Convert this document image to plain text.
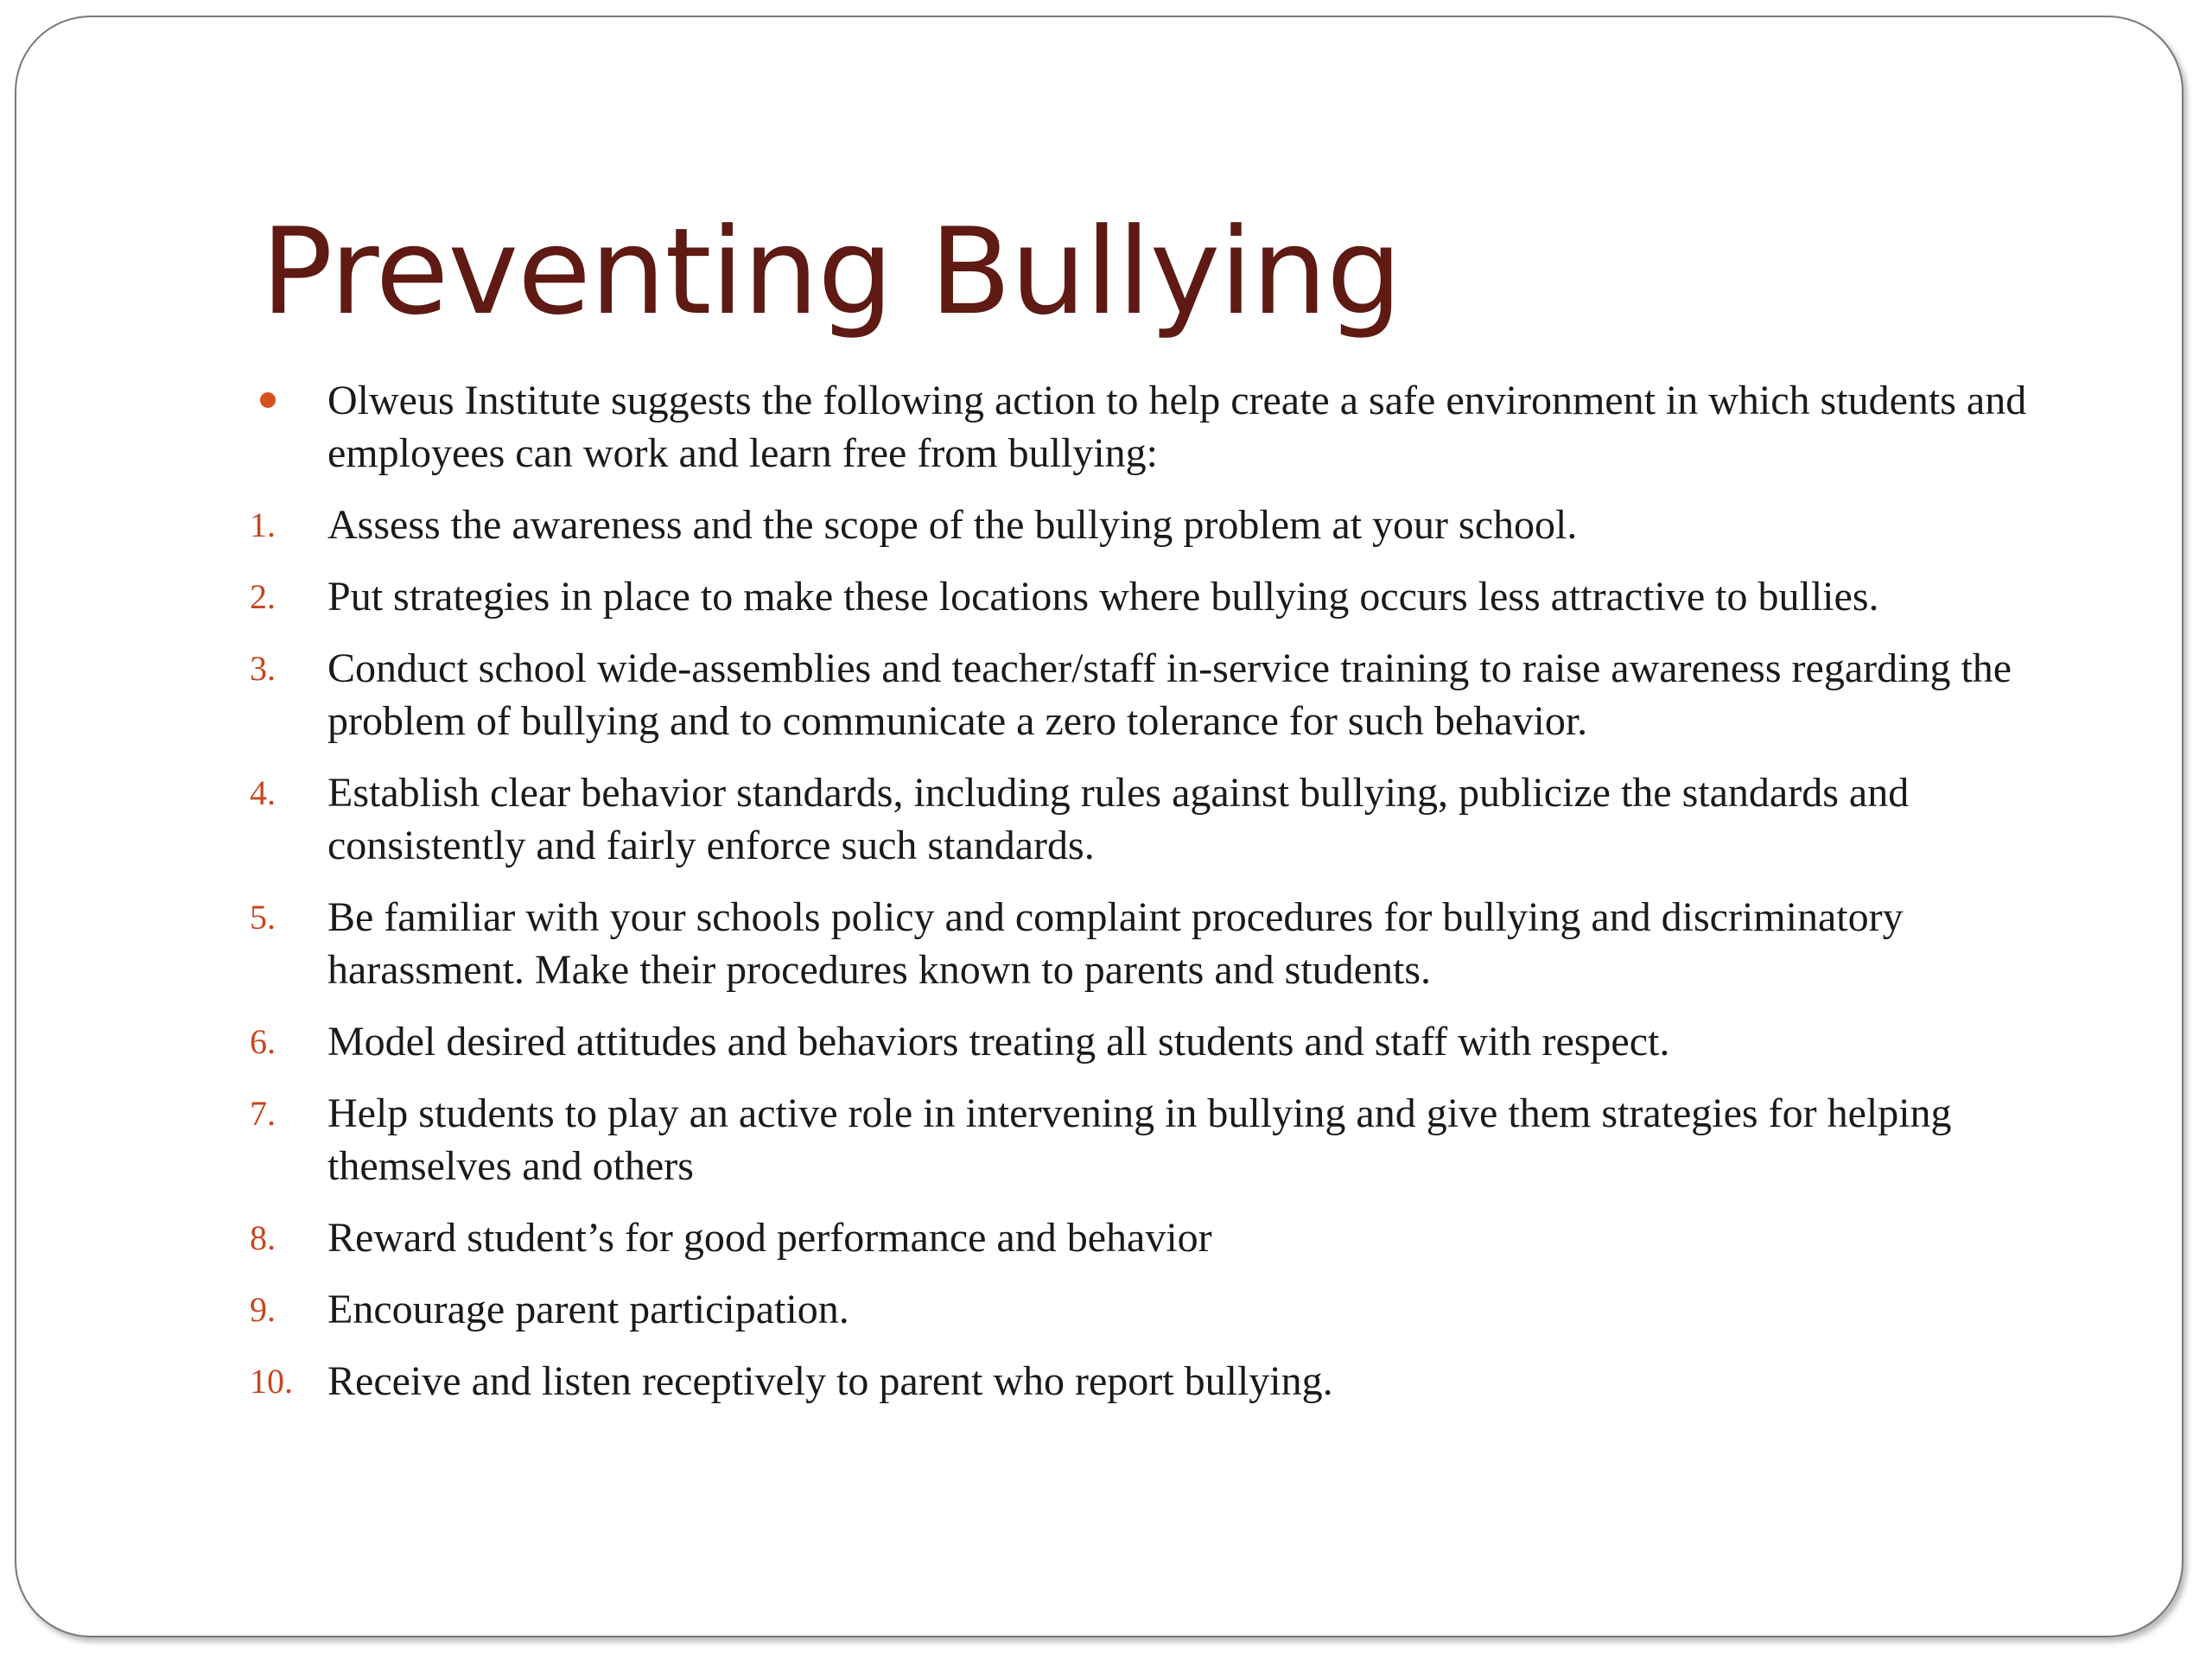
Preventing Bullying
Olweus Institute suggests the following action to help create a safe environment in which students and employees can work and learn free from bullying:
1.	Assess the awareness and the scope of the bullying problem at your school.
2.	Put strategies in place to make these locations where bullying occurs less attractive to bullies.
3.	Conduct school wide-assemblies and teacher/staff in-service training to raise awareness regarding the problem of bullying and to communicate a zero tolerance for such behavior.
4.	Establish clear behavior standards, including rules against bullying, publicize the standards and consistently and fairly enforce such standards.
5.	Be familiar with your schools policy and complaint procedures for bullying and discriminatory harassment. Make their procedures known to parents and students.
6.	Model desired attitudes and behaviors treating all students and staff with respect.
7.	Help students to play an active role in intervening in bullying and give them strategies for helping themselves and others
8.	Reward student’s for good performance and behavior
9.	Encourage parent participation.
10. Receive and listen receptively to parent who report bullying.
